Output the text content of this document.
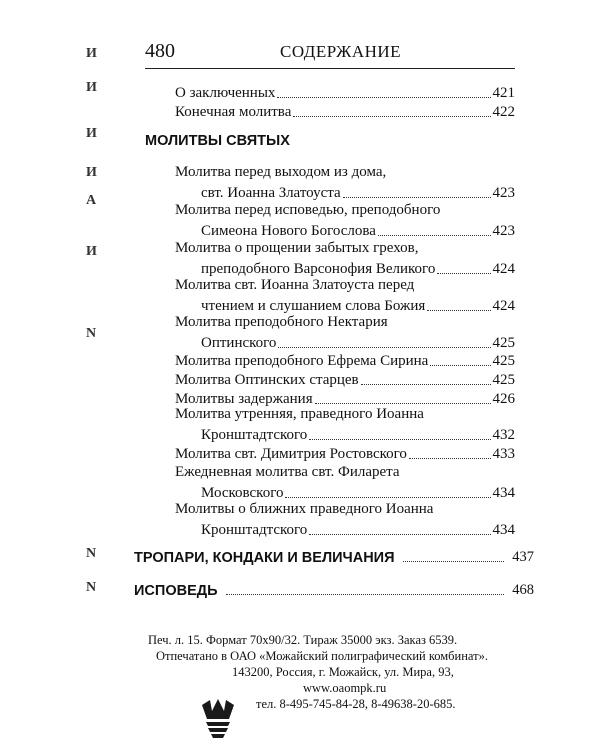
И
И
И
И
А
И
N
N
N
480	СОДЕРЖАНИЕ
О заключенных	421
Конечная молитва	422
МОЛИТВЫ СВЯТЫХ
Молитва перед выходом из дома,
свт. Иоанна Златоуста	423
Молитва перед исповедью, преподобного
Симеона Нового Богослова	423
Молитва о прощении забытых грехов,
преподобного Варсонофия Великого	424
Молитва свт. Иоанна Златоуста перед
чтением и слушанием слова Божия	424
Молитва преподобного Нектария
Оптинского	425
Молитва преподобного Ефрема Сирина	425
Молитва Оптинских старцев	425
Молитвы задержания	426
Молитва утренняя, праведного Иоанна
Кронштадтского	432
Молитва свт. Димитрия Ростовского	433
Ежедневная молитва свт. Филарета
Московского	434
Молитвы о ближних праведного Иоанна
Кронштадтского	434
ТРОПАРИ, КОНДАКИ И ВЕЛИЧАНИЯ	437
ИСПОВЕДЬ	468
Печ. л. 15. Формат 70х90/32. Тираж 35000 экз. Заказ 6539.
Отпечатано в ОАО «Можайский полиграфический комбинат».
143200, Россия, г. Можайск, ул. Мира, 93,
www.oaompk.ru
тел. 8-495-745-84-28, 8-49638-20-685.
